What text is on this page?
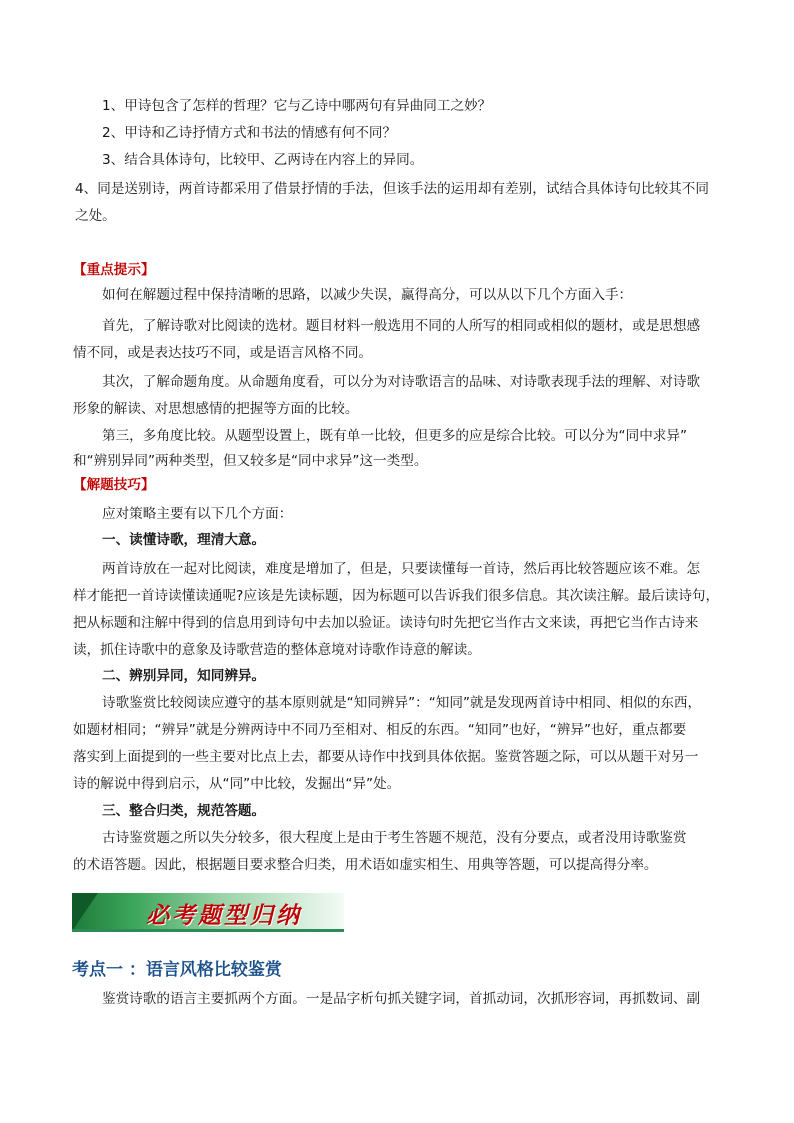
1、甲诗包含了怎样的哲理？它与乙诗中哪两句有异曲同工之妙？
2、甲诗和乙诗抒情方式和书法的情感有何不同？
3、结合具体诗句，比较甲、乙两诗在内容上的异同。
4、同是送别诗，两首诗都采用了借景抒情的手法，但该手法的运用却有差别，试结合具体诗句比较其不同
之处。
【重点提示】
如何在解题过程中保持清晰的思路，以减少失误，赢得高分，可以从以下几个方面入手：
首先，了解诗歌对比阅读的选材。题目材料一般选用不同的人所写的相同或相似的题材，或是思想感
情不同，或是表达技巧不同，或是语言风格不同。
其次，了解命题角度。从命题角度看，可以分为对诗歌语言的品味、对诗歌表现手法的理解、对诗歌
形象的解读、对思想感情的把握等方面的比较。
第三，多角度比较。从题型设置上，既有单一比较，但更多的应是综合比较。可以分为“同中求异”
和“辨别异同”两种类型，但又较多是“同中求异”这一类型。
【解题技巧】
应对策略主要有以下几个方面：
一、读懂诗歌，理清大意。
两首诗放在一起对比阅读，难度是增加了，但是，只要读懂每一首诗，然后再比较答题应该不难。怎
样才能把一首诗读懂读通呢?应该是先读标题，因为标题可以告诉我们很多信息。其次读注解。最后读诗句，
把从标题和注解中得到的信息用到诗句中去加以验证。读诗句时先把它当作古文来读，再把它当作古诗来
读，抓住诗歌中的意象及诗歌营造的整体意境对诗歌作诗意的解读。
二、辨别异同，知同辨异。
诗歌鉴赏比较阅读应遵守的基本原则就是“知同辨异”：“知同”就是发现两首诗中相同、相似的东西，
如题材相同；“辨异”就是分辨两诗中不同乃至相对、相反的东西。“知同”也好，“辨异”也好，重点都要
落实到上面提到的一些主要对比点上去，都要从诗作中找到具体依据。鉴赏答题之际，可以从题干对另一
诗的解说中得到启示，从“同”中比较，发掘出“异”处。
三、整合归类，规范答题。
古诗鉴赏题之所以失分较多，很大程度上是由于考生答题不规范，没有分要点，或者没用诗歌鉴赏
的术语答题。因此，根据题目要求整合归类，用术语如虚实相生、用典等答题，可以提高得分率。
必考题型归纳
考点一 ：语言风格比较鉴赏
鉴赏诗歌的语言主要抓两个方面。一是品字析句抓关键字词，首抓动词，次抓形容词，再抓数词、副
